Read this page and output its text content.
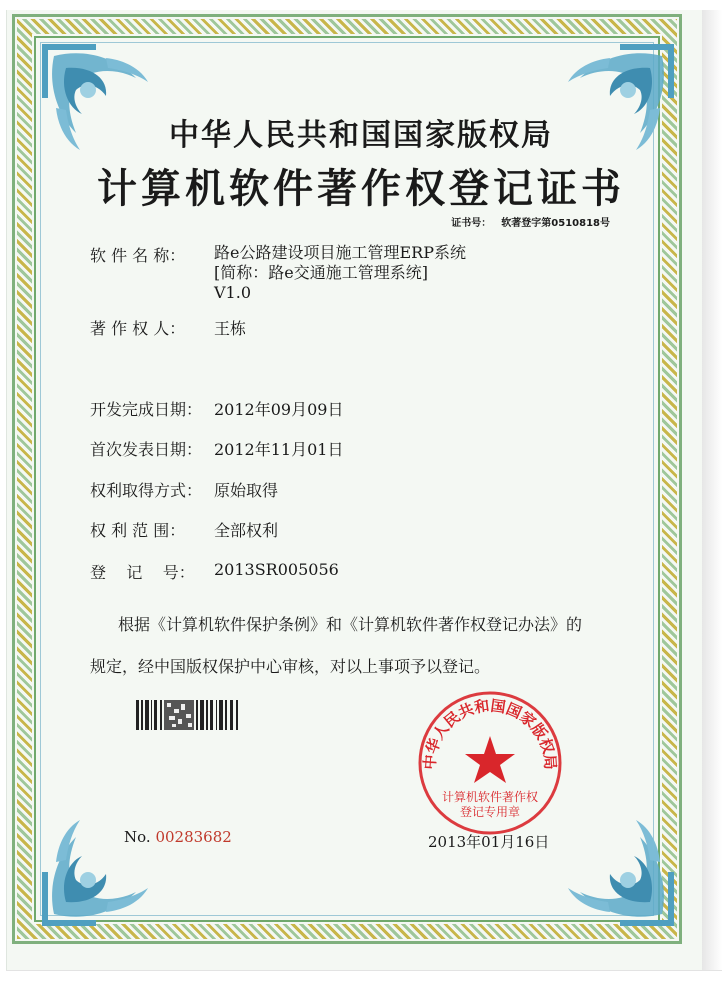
中华人民共和国国家版权局
计算机软件著作权登记证书
证书号： 软著登字第0510818号
软 件 名 称： 路e公路建设项目施工管理ERP系统
[简称：路e交通施工管理系统]
V1.0
著 作 权 人： 王栋
开发完成日期： 2012年09月09日
首次发表日期： 2012年11月01日
权利取得方式： 原始取得
权 利 范 围： 全部权利
登    记    号： 2013SR005056
根据《计算机软件保护条例》和《计算机软件著作权登记办法》的
规定，经中国版权保护中心审核，对以上事项予以登记。
No. 00283682	2013年01月16日
中华人民共和国国家版权局
计算机软件著作权
登记专用章
